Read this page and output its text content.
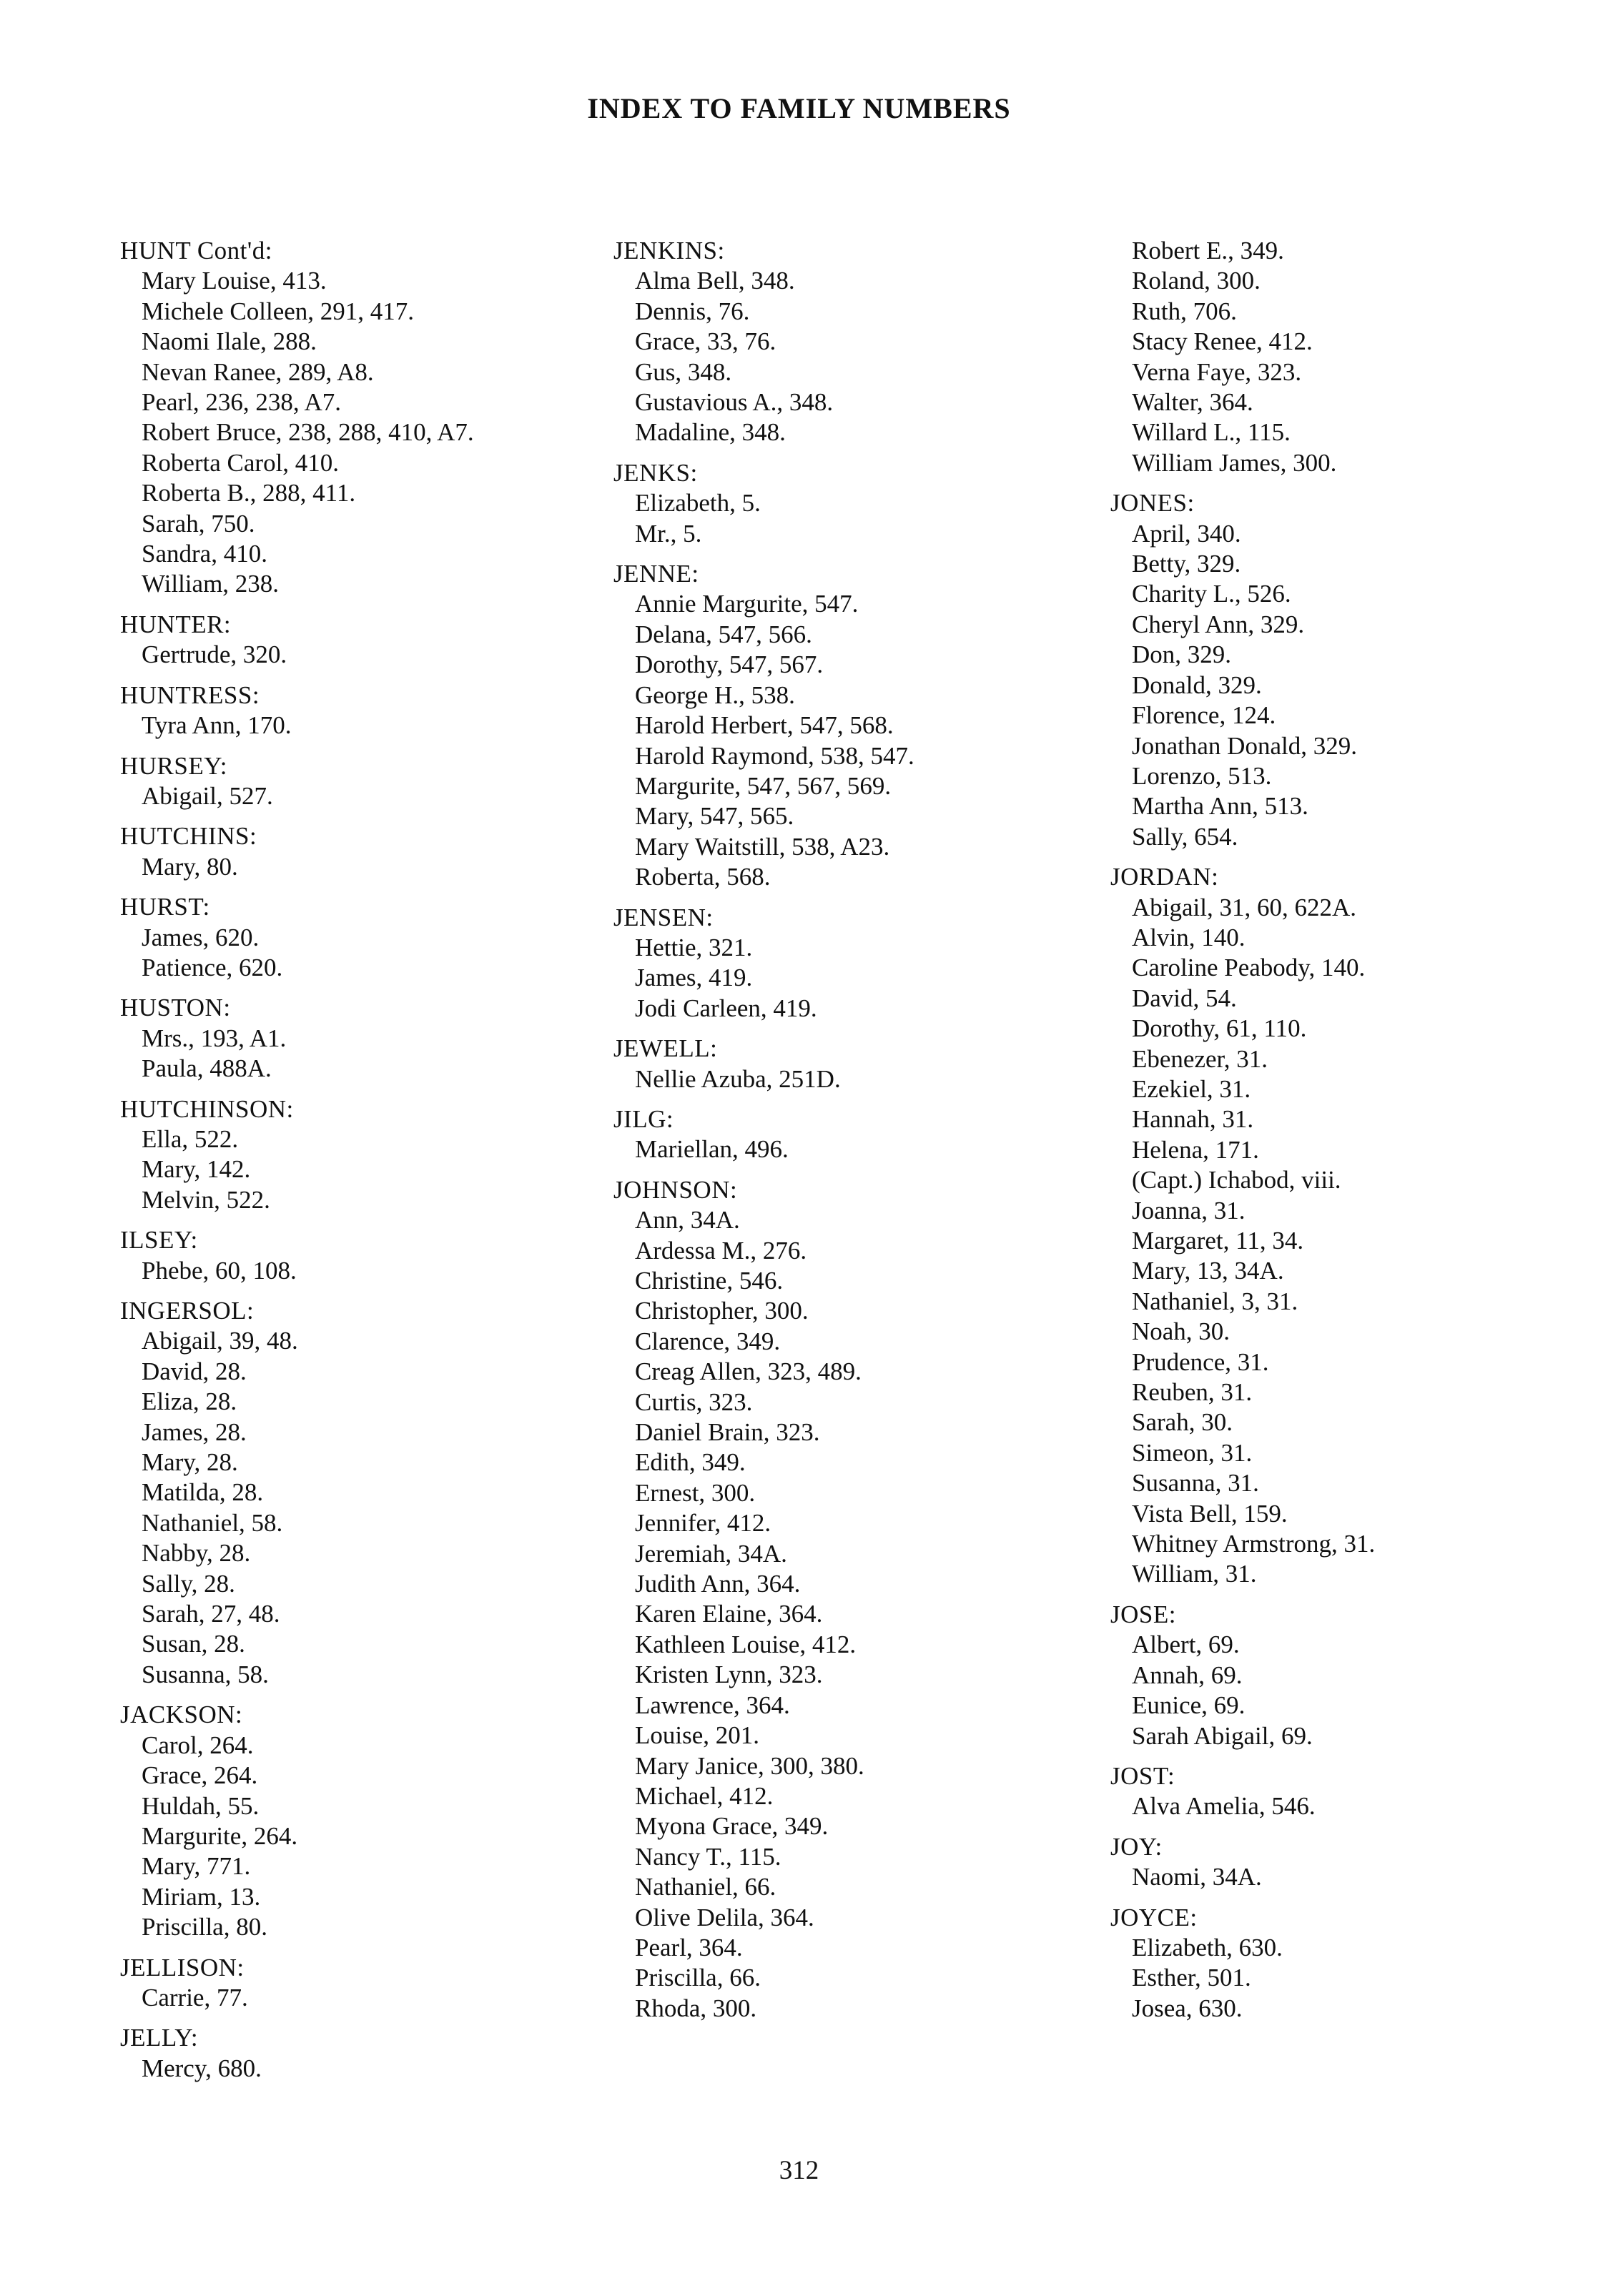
INDEX TO FAMILY NUMBERS
HUNT Cont'd:
Mary Louise, 413.
Michele Colleen, 291, 417.
Naomi Ilale, 288.
Nevan Ranee, 289, A8.
Pearl, 236, 238, A7.
Robert Bruce, 238, 288, 410, A7.
Roberta Carol, 410.
Roberta B., 288, 411.
Sarah, 750.
Sandra, 410.
William, 238.
HUNTER:
Gertrude, 320.
HUNTRESS:
Tyra Ann, 170.
HURSEY:
Abigail, 527.
HUTCHINS:
Mary, 80.
HURST:
James, 620.
Patience, 620.
HUSTON:
Mrs., 193, A1.
Paula, 488A.
HUTCHINSON:
Ella, 522.
Mary, 142.
Melvin, 522.
ILSEY:
Phebe, 60, 108.
INGERSOL:
Abigail, 39, 48.
David, 28.
Eliza, 28.
James, 28.
Mary, 28.
Matilda, 28.
Nathaniel, 58.
Nabby, 28.
Sally, 28.
Sarah, 27, 48.
Susan, 28.
Susanna, 58.
JACKSON:
Carol, 264.
Grace, 264.
Huldah, 55.
Margurite, 264.
Mary, 771.
Miriam, 13.
Priscilla, 80.
JELLISON:
Carrie, 77.
JELLY:
Mercy, 680.
JENKINS:
Alma Bell, 348.
Dennis, 76.
Grace, 33, 76.
Gus, 348.
Gustavious A., 348.
Madaline, 348.
JENKS:
Elizabeth, 5.
Mr., 5.
JENNE:
Annie Margurite, 547.
Delana, 547, 566.
Dorothy, 547, 567.
George H., 538.
Harold Herbert, 547, 568.
Harold Raymond, 538, 547.
Margurite, 547, 567, 569.
Mary, 547, 565.
Mary Waitstill, 538, A23.
Roberta, 568.
JENSEN:
Hettie, 321.
James, 419.
Jodi Carleen, 419.
JEWELL:
Nellie Azuba, 251D.
JILG:
Mariellan, 496.
JOHNSON:
Ann, 34A.
Ardessa M., 276.
Christine, 546.
Christopher, 300.
Clarence, 349.
Creag Allen, 323, 489.
Curtis, 323.
Daniel Brain, 323.
Edith, 349.
Ernest, 300.
Jennifer, 412.
Jeremiah, 34A.
Judith Ann, 364.
Karen Elaine, 364.
Kathleen Louise, 412.
Kristen Lynn, 323.
Lawrence, 364.
Louise, 201.
Mary Janice, 300, 380.
Michael, 412.
Myona Grace, 349.
Nancy T., 115.
Nathaniel, 66.
Olive Delila, 364.
Pearl, 364.
Priscilla, 66.
Rhoda, 300.
Robert E., 349.
Roland, 300.
Ruth, 706.
Stacy Renee, 412.
Verna Faye, 323.
Walter, 364.
Willard L., 115.
William James, 300.
JONES:
April, 340.
Betty, 329.
Charity L., 526.
Cheryl Ann, 329.
Don, 329.
Donald, 329.
Florence, 124.
Jonathan Donald, 329.
Lorenzo, 513.
Martha Ann, 513.
Sally, 654.
JORDAN:
Abigail, 31, 60, 622A.
Alvin, 140.
Caroline Peabody, 140.
David, 54.
Dorothy, 61, 110.
Ebenezer, 31.
Ezekiel, 31.
Hannah, 31.
Helena, 171.
(Capt.) Ichabod, viii.
Joanna, 31.
Margaret, 11, 34.
Mary, 13, 34A.
Nathaniel, 3, 31.
Noah, 30.
Prudence, 31.
Reuben, 31.
Sarah, 30.
Simeon, 31.
Susanna, 31.
Vista Bell, 159.
Whitney Armstrong, 31.
William, 31.
JOSE:
Albert, 69.
Annah, 69.
Eunice, 69.
Sarah Abigail, 69.
JOST:
Alva Amelia, 546.
JOY:
Naomi, 34A.
JOYCE:
Elizabeth, 630.
Esther, 501.
Josea, 630.
312
